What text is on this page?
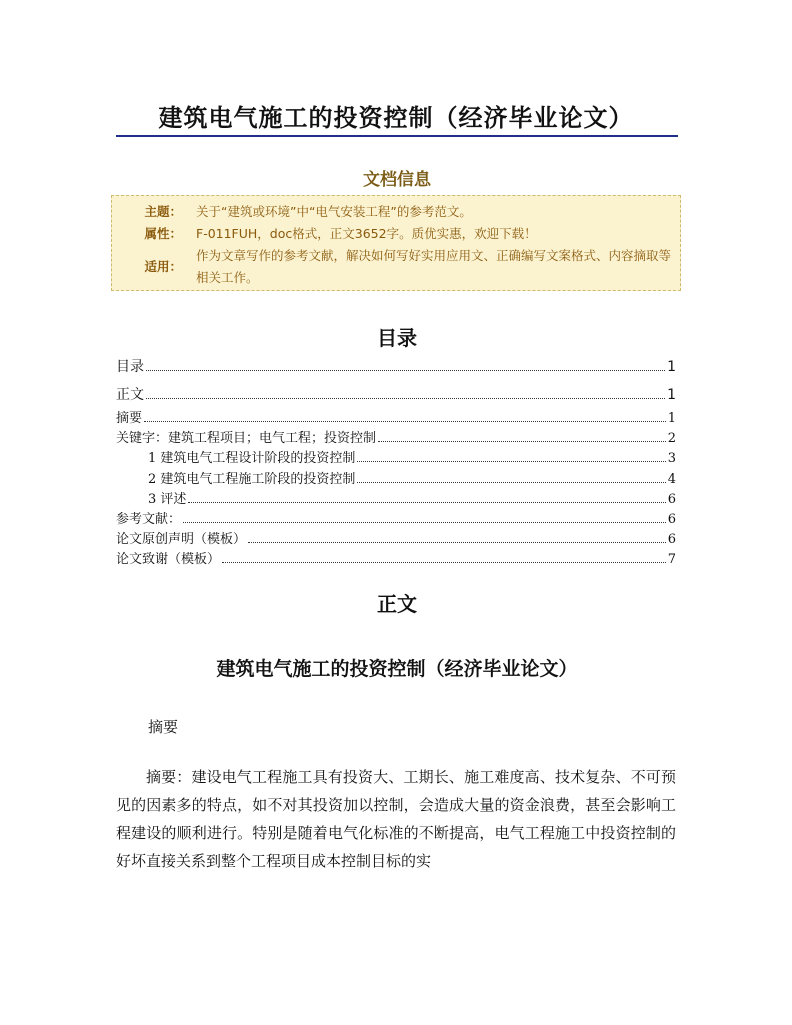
建筑电气施工的投资控制（经济毕业论文）
文档信息
主题： 关于“建筑或环境”中“电气安装工程”的参考范文。
属性： F-011FUH，doc格式，正文3652字。质优实惠，欢迎下载！
适用：
作为文章写作的参考文献，解决如何写好实用应用文、正确编写文案格式、内容摘取等相关工作。
目录
目录	1
正文	1
摘要	1
关键字：建筑工程项目；电气工程；投资控制	2
1 建筑电气工程设计阶段的投资控制	3
2 建筑电气工程施工阶段的投资控制	4
3 评述	6
参考文献：	6
论文原创声明（模板）	6
论文致谢（模板）	7
正文
建筑电气施工的投资控制（经济毕业论文）
摘要
摘要：建设电气工程施工具有投资大、工期长、施工难度高、技术复杂、不可预见的因素多的特点，如不对其投资加以控制，会造成大量的资金浪费，甚至会影响工程建设的顺利进行。特别是随着电气化标准的不断提高，电气工程施工中投资控制的好坏直接关系到整个工程项目成本控制目标的实
